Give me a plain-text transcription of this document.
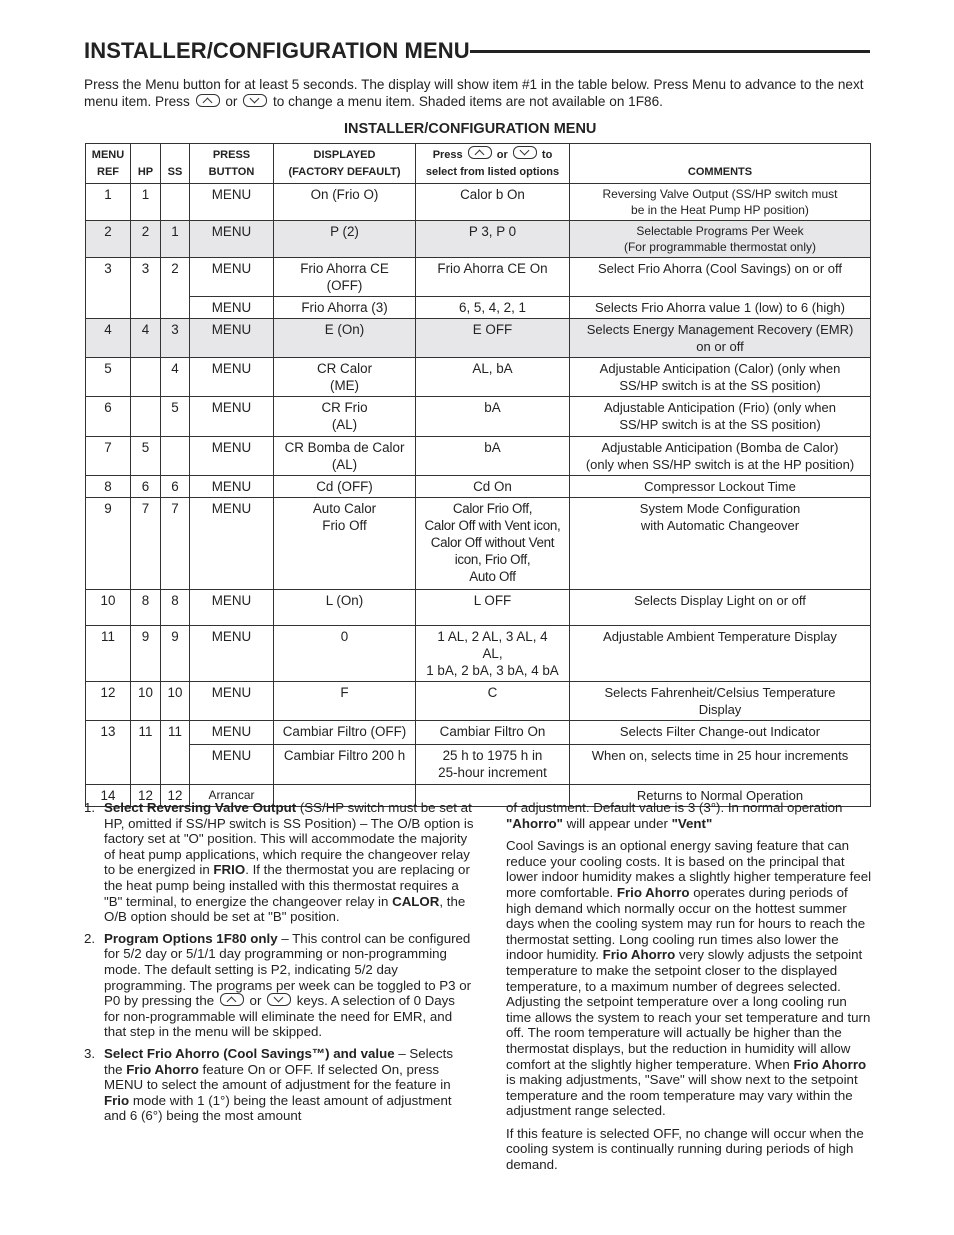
INSTALLER/CONFIGURATION MENU
Press the Menu button for at least 5 seconds. The display will show item #1 in the table below. Press Menu to advance to the next menu item. Press	or	to change a menu item. Shaded items are not available on 1F86.
INSTALLER/CONFIGURATION MENU
MENU
REF	HP	SS	PRESS
BUTTON	DISPLAYED
(FACTORY DEFAULT)	Press or to
select from listed options	COMMENTS
1	1		MENU	On (Frio O)	Calor b On	Reversing Valve Output (SS/HP switch must
be in the Heat Pump HP position)
2	2	1	MENU	P (2)	P 3, P 0	Selectable Programs Per Week
(For programmable thermostat only)
3	3	2	MENU	Frio Ahorra CE
(OFF)	Frio Ahorra CE On	Select Frio Ahorra (Cool Savings) on or off
			MENU	Frio Ahorra (3)	6, 5, 4, 2, 1	Selects Frio Ahorra value 1 (low) to 6 (high)
4	4	3	MENU	E (On)	E OFF	Selects Energy Management Recovery (EMR)
on or off
5		4	MENU	CR Calor
(ME)	AL, bA	Adjustable Anticipation (Calor) (only when
SS/HP switch is at the SS position)
6		5	MENU	CR Frio
(AL)	bA	Adjustable Anticipation (Frio) (only when
SS/HP switch is at the SS position)
7	5		MENU	CR Bomba de Calor
(AL)	bA	Adjustable Anticipation (Bomba de Calor)
(only when SS/HP switch is at the HP position)
8	6	6	MENU	Cd (OFF)	Cd On	Compressor Lockout Time
9	7	7	MENU	Auto Calor
Frio Off	Calor Frio Off,
Calor Off with Vent icon,
Calor Off without Vent
icon, Frio Off,
Auto Off	System Mode Configuration
with Automatic Changeover
10	8	8	MENU	L (On)	L OFF	Selects Display Light on or off
11	9	9	MENU	0	1 AL, 2 AL, 3 AL, 4
AL,
1 bA, 2 bA, 3 bA, 4 bA	Adjustable Ambient Temperature Display
12	10	10	MENU	F	C	Selects Fahrenheit/Celsius Temperature
Display
13	11	11	MENU	Cambiar Filtro (OFF)	Cambiar Filtro On	Selects Filter Change-out Indicator
			MENU	Cambiar Filtro 200 h	25 h to 1975 h in
25-hour increment	When on, selects time in 25 hour increments
14	12	12	Arrancar			Returns to Normal Operation
1. Select Reversing Valve Output (SS/HP switch must be set at HP, omitted if SS/HP switch is SS Position) – The O/B option is factory set at "O" position. This will accommodate the majority of heat pump applications, which require the changeover relay to be energized in FRIO. If the thermostat you are replacing or the heat pump being installed with this thermostat requires a "B" terminal, to energize the changeover relay in CALOR, the O/B option should be set at "B" position.
2. Program Options 1F80 only – This control can be configured for 5/2 day or 5/1/1 day programming or non-programming mode. The default setting is P2, indicating 5/2 day programming. The programs per week can be toggled to P3 or P0 by pressing the	or	keys. A selection of 0 Days for non-programmable will eliminate the need for EMR, and that step in the menu will be skipped.
3. Select Frio Ahorro (Cool Savings™) and value – Selects the Frio Ahorro feature On or OFF. If selected On, press MENU to select the amount of adjustment for the feature in Frio mode with 1 (1°) being the least amount of adjustment and 6 (6°) being the most amount

of adjustment. Default value is 3 (3°). In normal operation "Ahorro" will appear under "Vent"

Cool Savings is an optional energy saving feature that can reduce your cooling costs. It is based on the principal that lower indoor humidity makes a slightly higher temperature feel more comfortable. Frio Ahorro operates during periods of high demand which normally occur on the hottest summer days when the cooling system may run for hours to reach the thermostat setting. Long cooling run times also lower the indoor humidity. Frio Ahorro very slowly adjusts the setpoint temperature to make the setpoint closer to the displayed temperature, to a maximum number of degrees selected. Adjusting the setpoint temperature over a long cooling run time allows the system to reach your set temperature and turn off. The room temperature will actually be higher than the thermostat displays, but the reduction in humidity will allow comfort at the slightly higher temperature. When Frio Ahorro is making adjustments, "Save" will show next to the setpoint temperature and the room temperature may vary within the adjustment range selected.

If this feature is selected OFF, no change will occur when the cooling system is continually running during periods of high demand.
